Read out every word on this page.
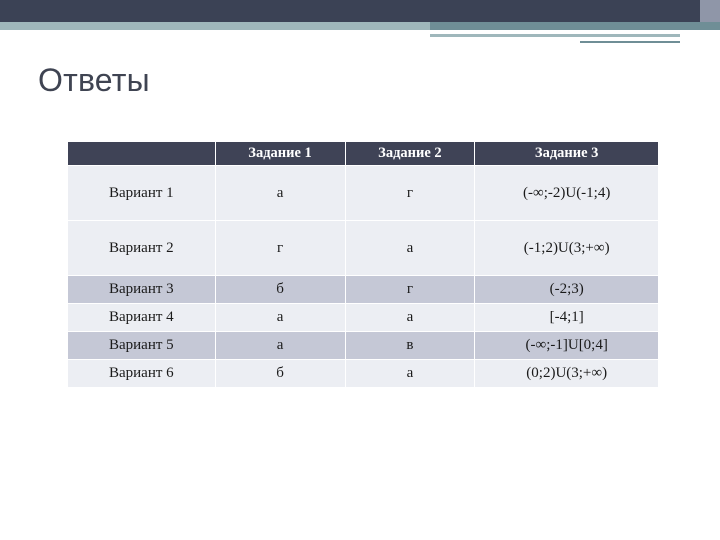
Ответы
	Задание 1	Задание 2	Задание 3
Вариант 1	а	г	(-∞;-2)U(-1;4)
Вариант 2	г	а	(-1;2)U(3;+∞)
Вариант 3	б	г	(-2;3)
Вариант 4	а	а	[-4;1]
Вариант 5	а	в	(-∞;-1]U[0;4]
Вариант 6	б	а	(0;2)U(3;+∞)
